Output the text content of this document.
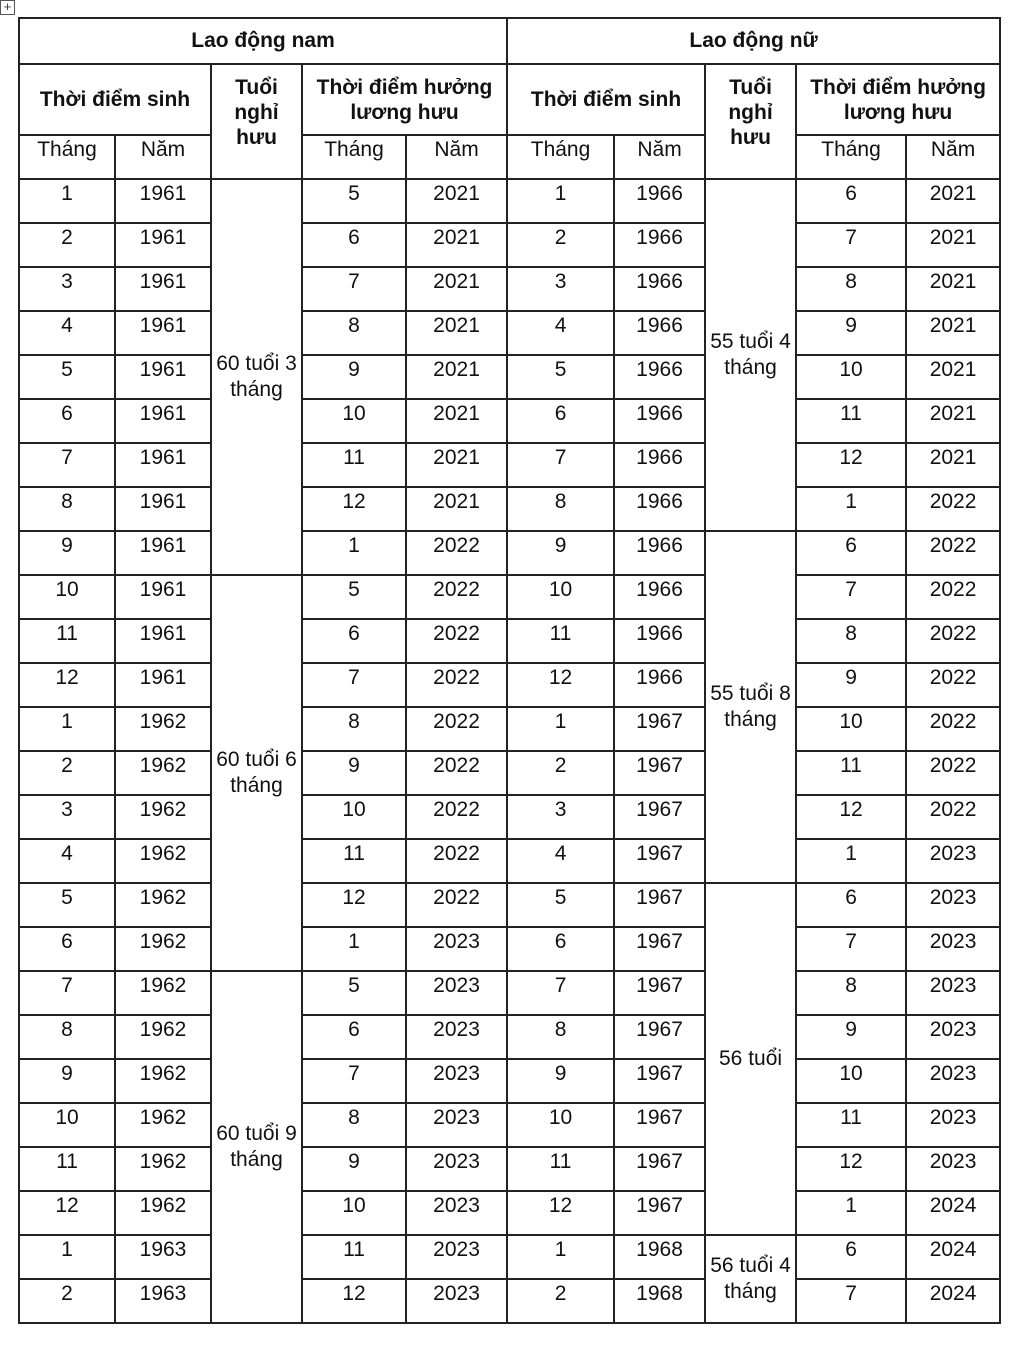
+
Lao động nam					Lao động nữ				
Thời điểm sinh		Tuổi nghỉ hưu	Thời điểm hưởng lương hưu		Thời điểm sinh		Tuổi nghỉ hưu	Thời điểm hưởng lương hưu	
Tháng	Năm		Tháng	Năm	Tháng	Năm		Tháng	Năm
1	1961	60 tuổi 3 tháng	5	2021	1	1966	55 tuổi 4 tháng	6	2021
2	1961		6	2021	2	1966		7	2021
3	1961		7	2021	3	1966		8	2021
4	1961		8	2021	4	1966		9	2021
5	1961		9	2021	5	1966		10	2021
6	1961		10	2021	6	1966		11	2021
7	1961		11	2021	7	1966		12	2021
8	1961		12	2021	8	1966		1	2022
9	1961		1	2022	9	1966	55 tuổi 8 tháng	6	2022
10	1961	60 tuổi 6 tháng	5	2022	10	1966		7	2022
11	1961		6	2022	11	1966		8	2022
12	1961		7	2022	12	1966		9	2022
1	1962		8	2022	1	1967		10	2022
2	1962		9	2022	2	1967		11	2022
3	1962		10	2022	3	1967		12	2022
4	1962		11	2022	4	1967		1	2023
5	1962		12	2022	5	1967	56 tuổi	6	2023
6	1962		1	2023	6	1967		7	2023
7	1962	60 tuổi 9 tháng	5	2023	7	1967		8	2023
8	1962		6	2023	8	1967		9	2023
9	1962		7	2023	9	1967		10	2023
10	1962		8	2023	10	1967		11	2023
11	1962		9	2023	11	1967		12	2023
12	1962		10	2023	12	1967		1	2024
1	1963		11	2023	1	1968	56 tuổi 4 tháng	6	2024
2	1963		12	2023	2	1968		7	2024
